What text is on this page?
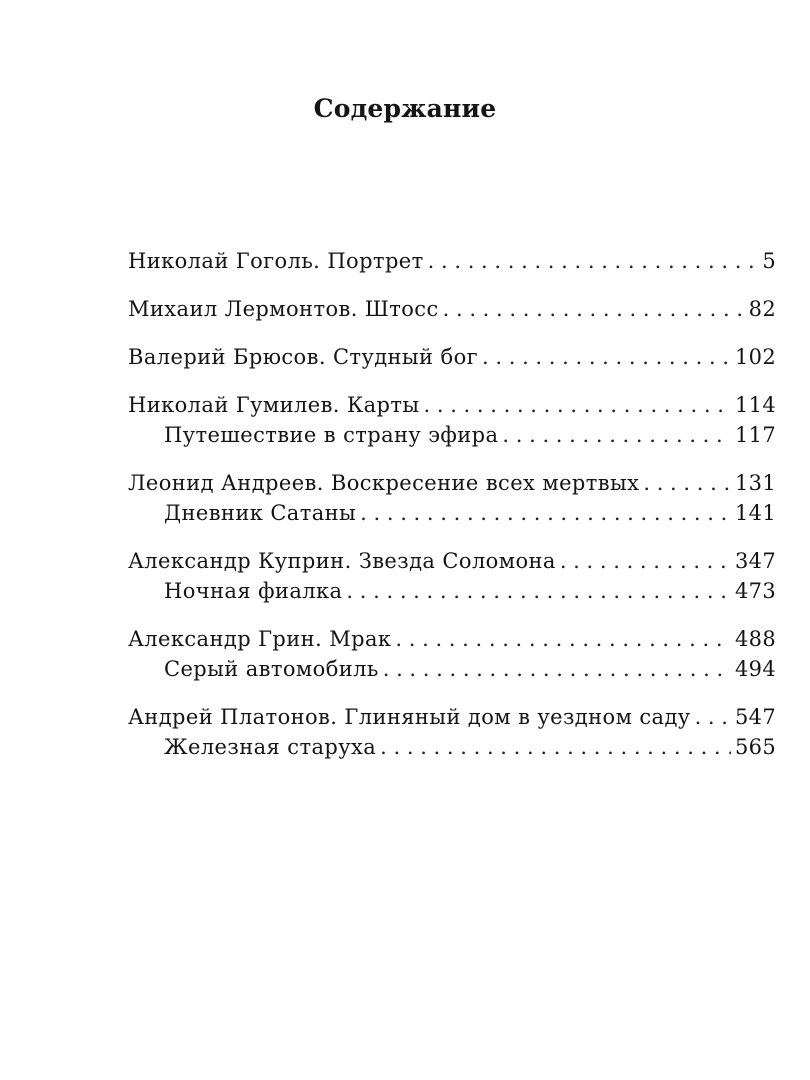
Содержание
Николай Гоголь. Портрет . . .	5
Михаил Лермонтов. Штосс . . .	82
Валерий Брюсов. Студный бог . . .	102
Николай Гумилев. Карты . . .	114
Путешествие в страну эфира . . .	117
Леонид Андреев. Воскресение всех мертвых . . .	131
Дневник Сатаны . . .	141
Александр Куприн. Звезда Соломона . . .	347
Ночная фиалка . . .	473
Александр Грин. Мрак . . .	488
Серый автомобиль . . .	494
Андрей Платонов. Глиняный дом в уездном саду . . . 547
Железная старуха . . .	565
